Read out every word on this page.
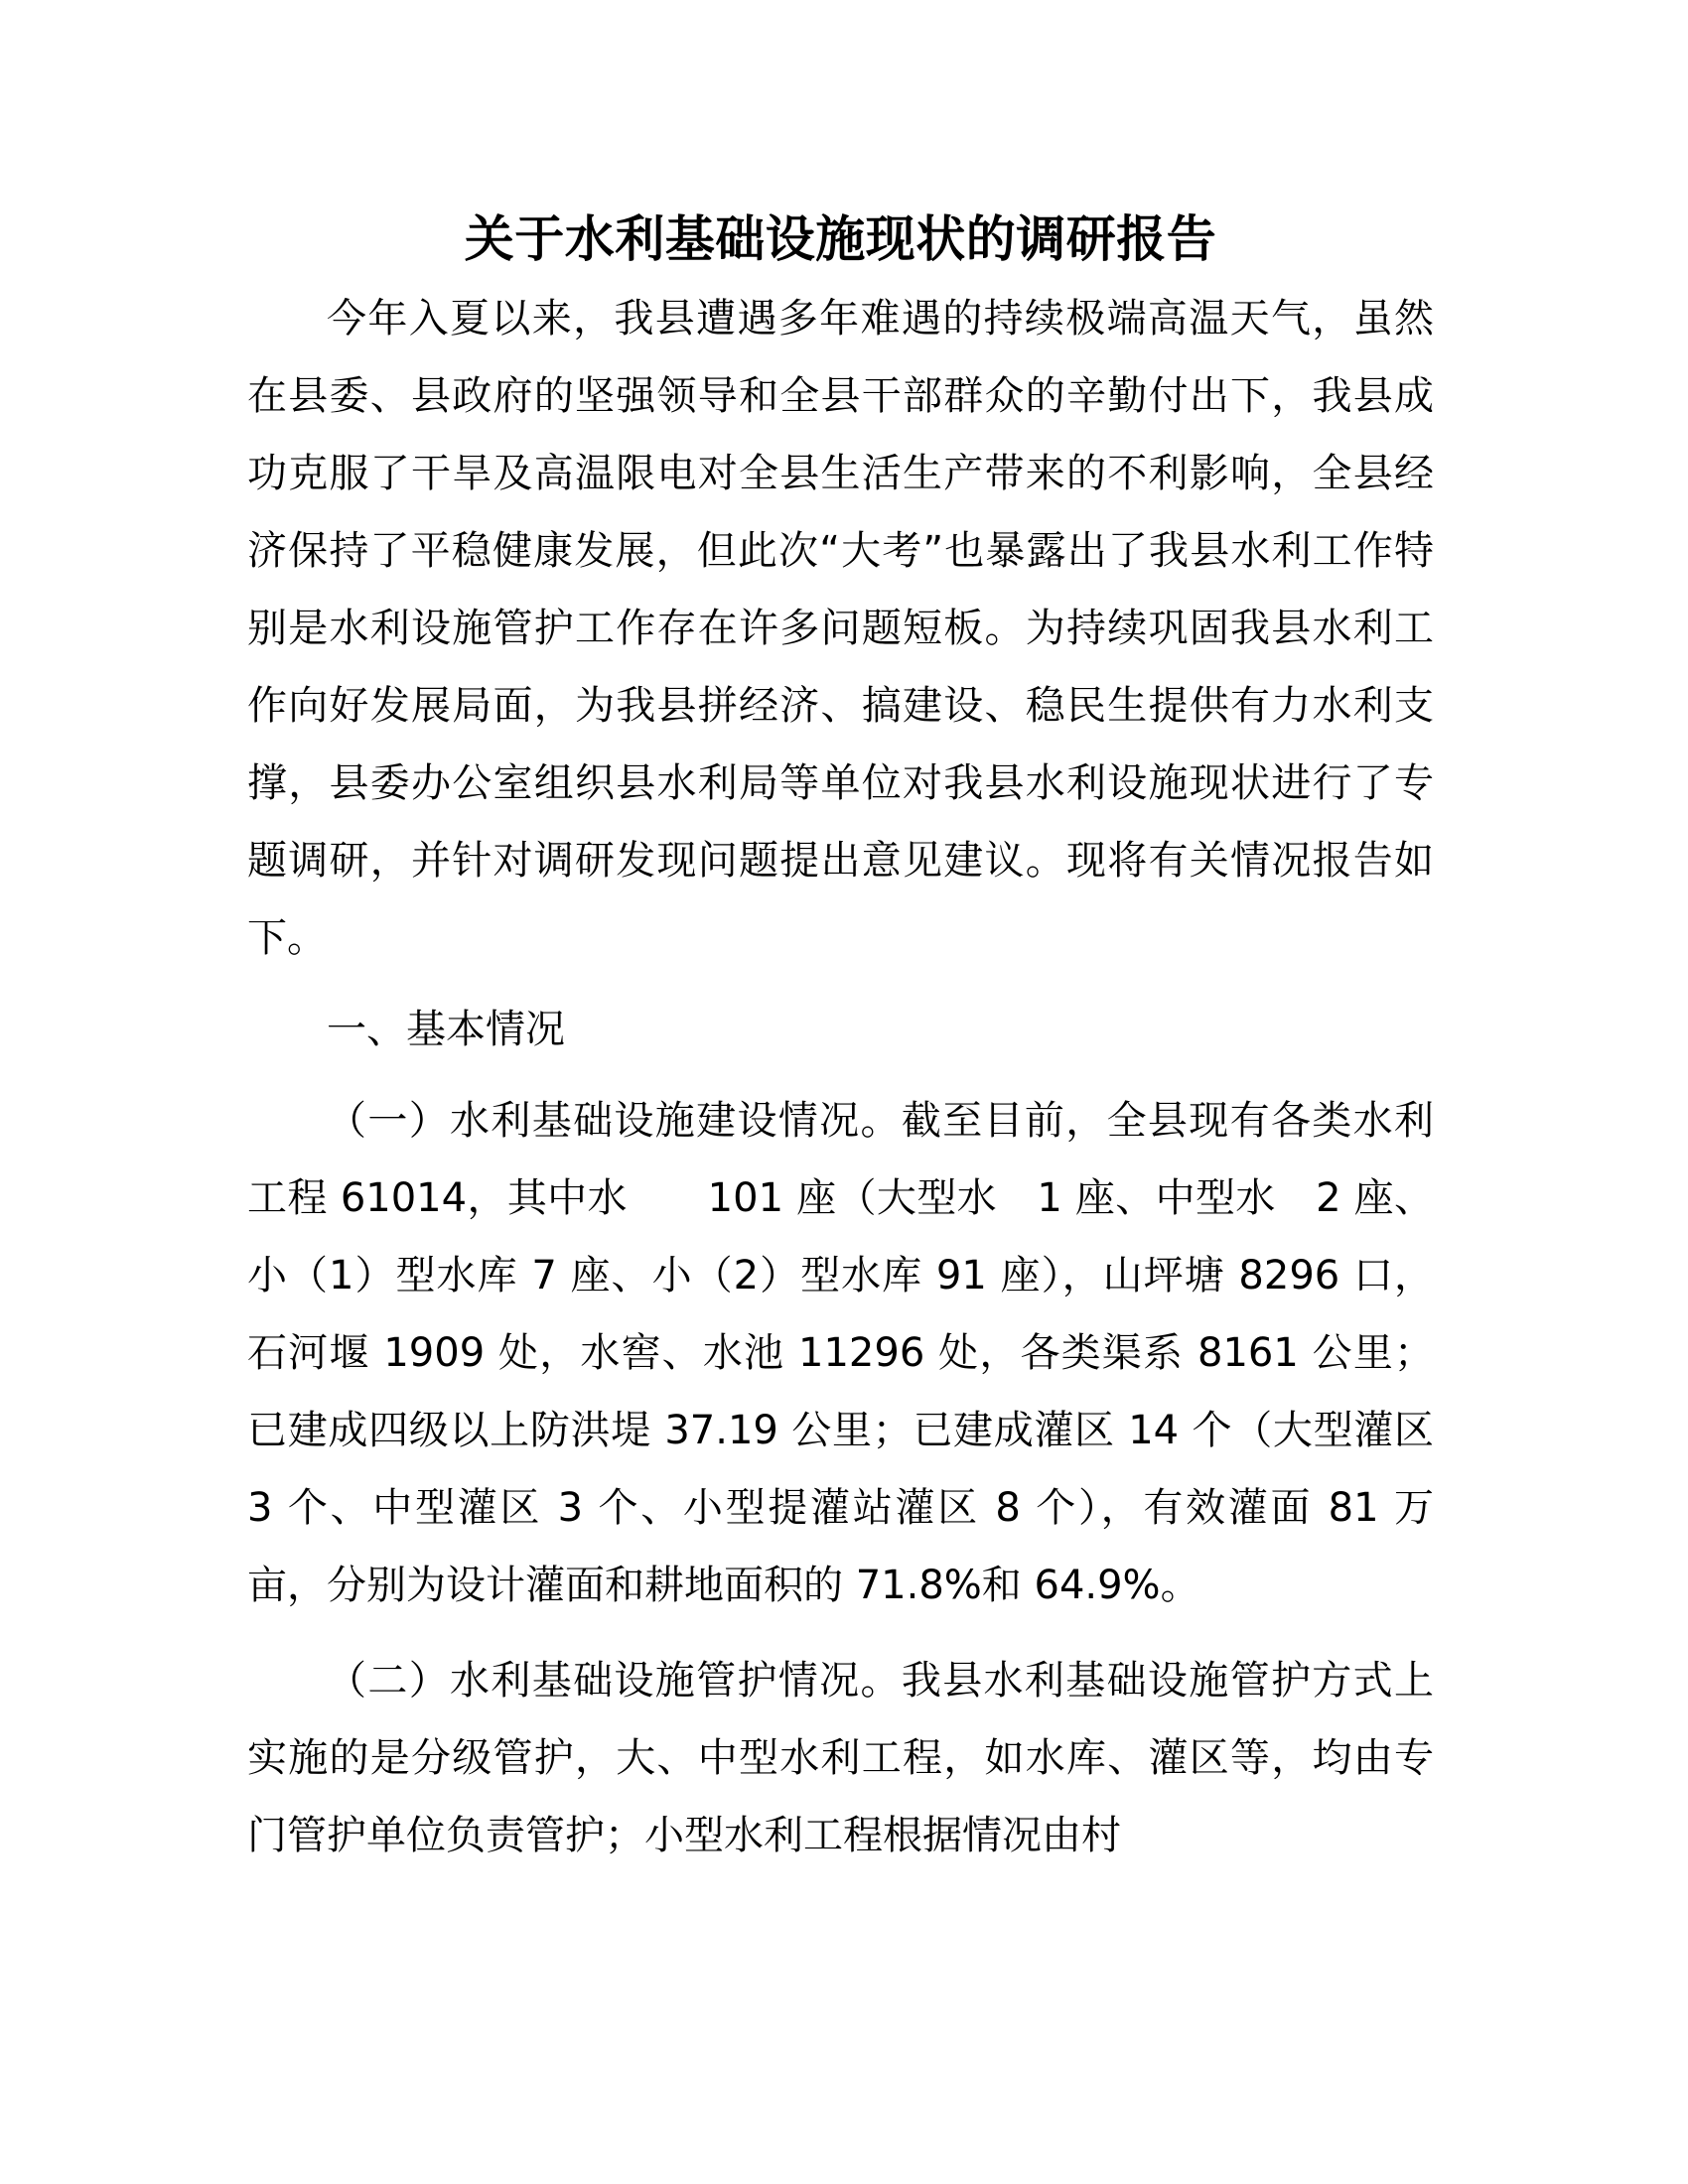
关于水利基础设施现状的调研报告

今年入夏以来，我县遭遇多年难遇的持续极端高温天气，虽然在县委、县政府的坚强领导和全县干部群众的辛勤付出下，我县成功克服了干旱及高温限电对全县生活生产带来的不利影响，全县经济保持了平稳健康发展，但此次“大考”也暴露出了我县水利工作特别是水利设施管护工作存在许多问题短板。为持续巩固我县水利工作向好发展局面，为我县拼经济、搞建设、稳民生提供有力水利支撑，县委办公室组织县水利局等单位对我县水利设施现状进行了专题调研，并针对调研发现问题提出意见建议。现将有关情况报告如下。

一、基本情况

（一）水利基础设施建设情况。截至目前，全县现有各类水利工程 61014，其中水　　101 座（大型水　1 座、中型水　2 座、小（1）型水库 7 座、小（2）型水库 91 座），山坪塘 8296 口，石河堰 1909 处，水窖、水池 11296 处，各类渠系 8161 公里；已建成四级以上防洪堤 37.19 公里；已建成灌区 14 个（大型灌区 3 个、中型灌区 3 个、小型提灌站灌区 8 个），有效灌面 81 万亩，分别为设计灌面和耕地面积的 71.8%和 64.9%。

（二）水利基础设施管护情况。我县水利基础设施管护方式上实施的是分级管护，大、中型水利工程，如水库、灌区等，均由专门管护单位负责管护；小型水利工程根据情况由村
